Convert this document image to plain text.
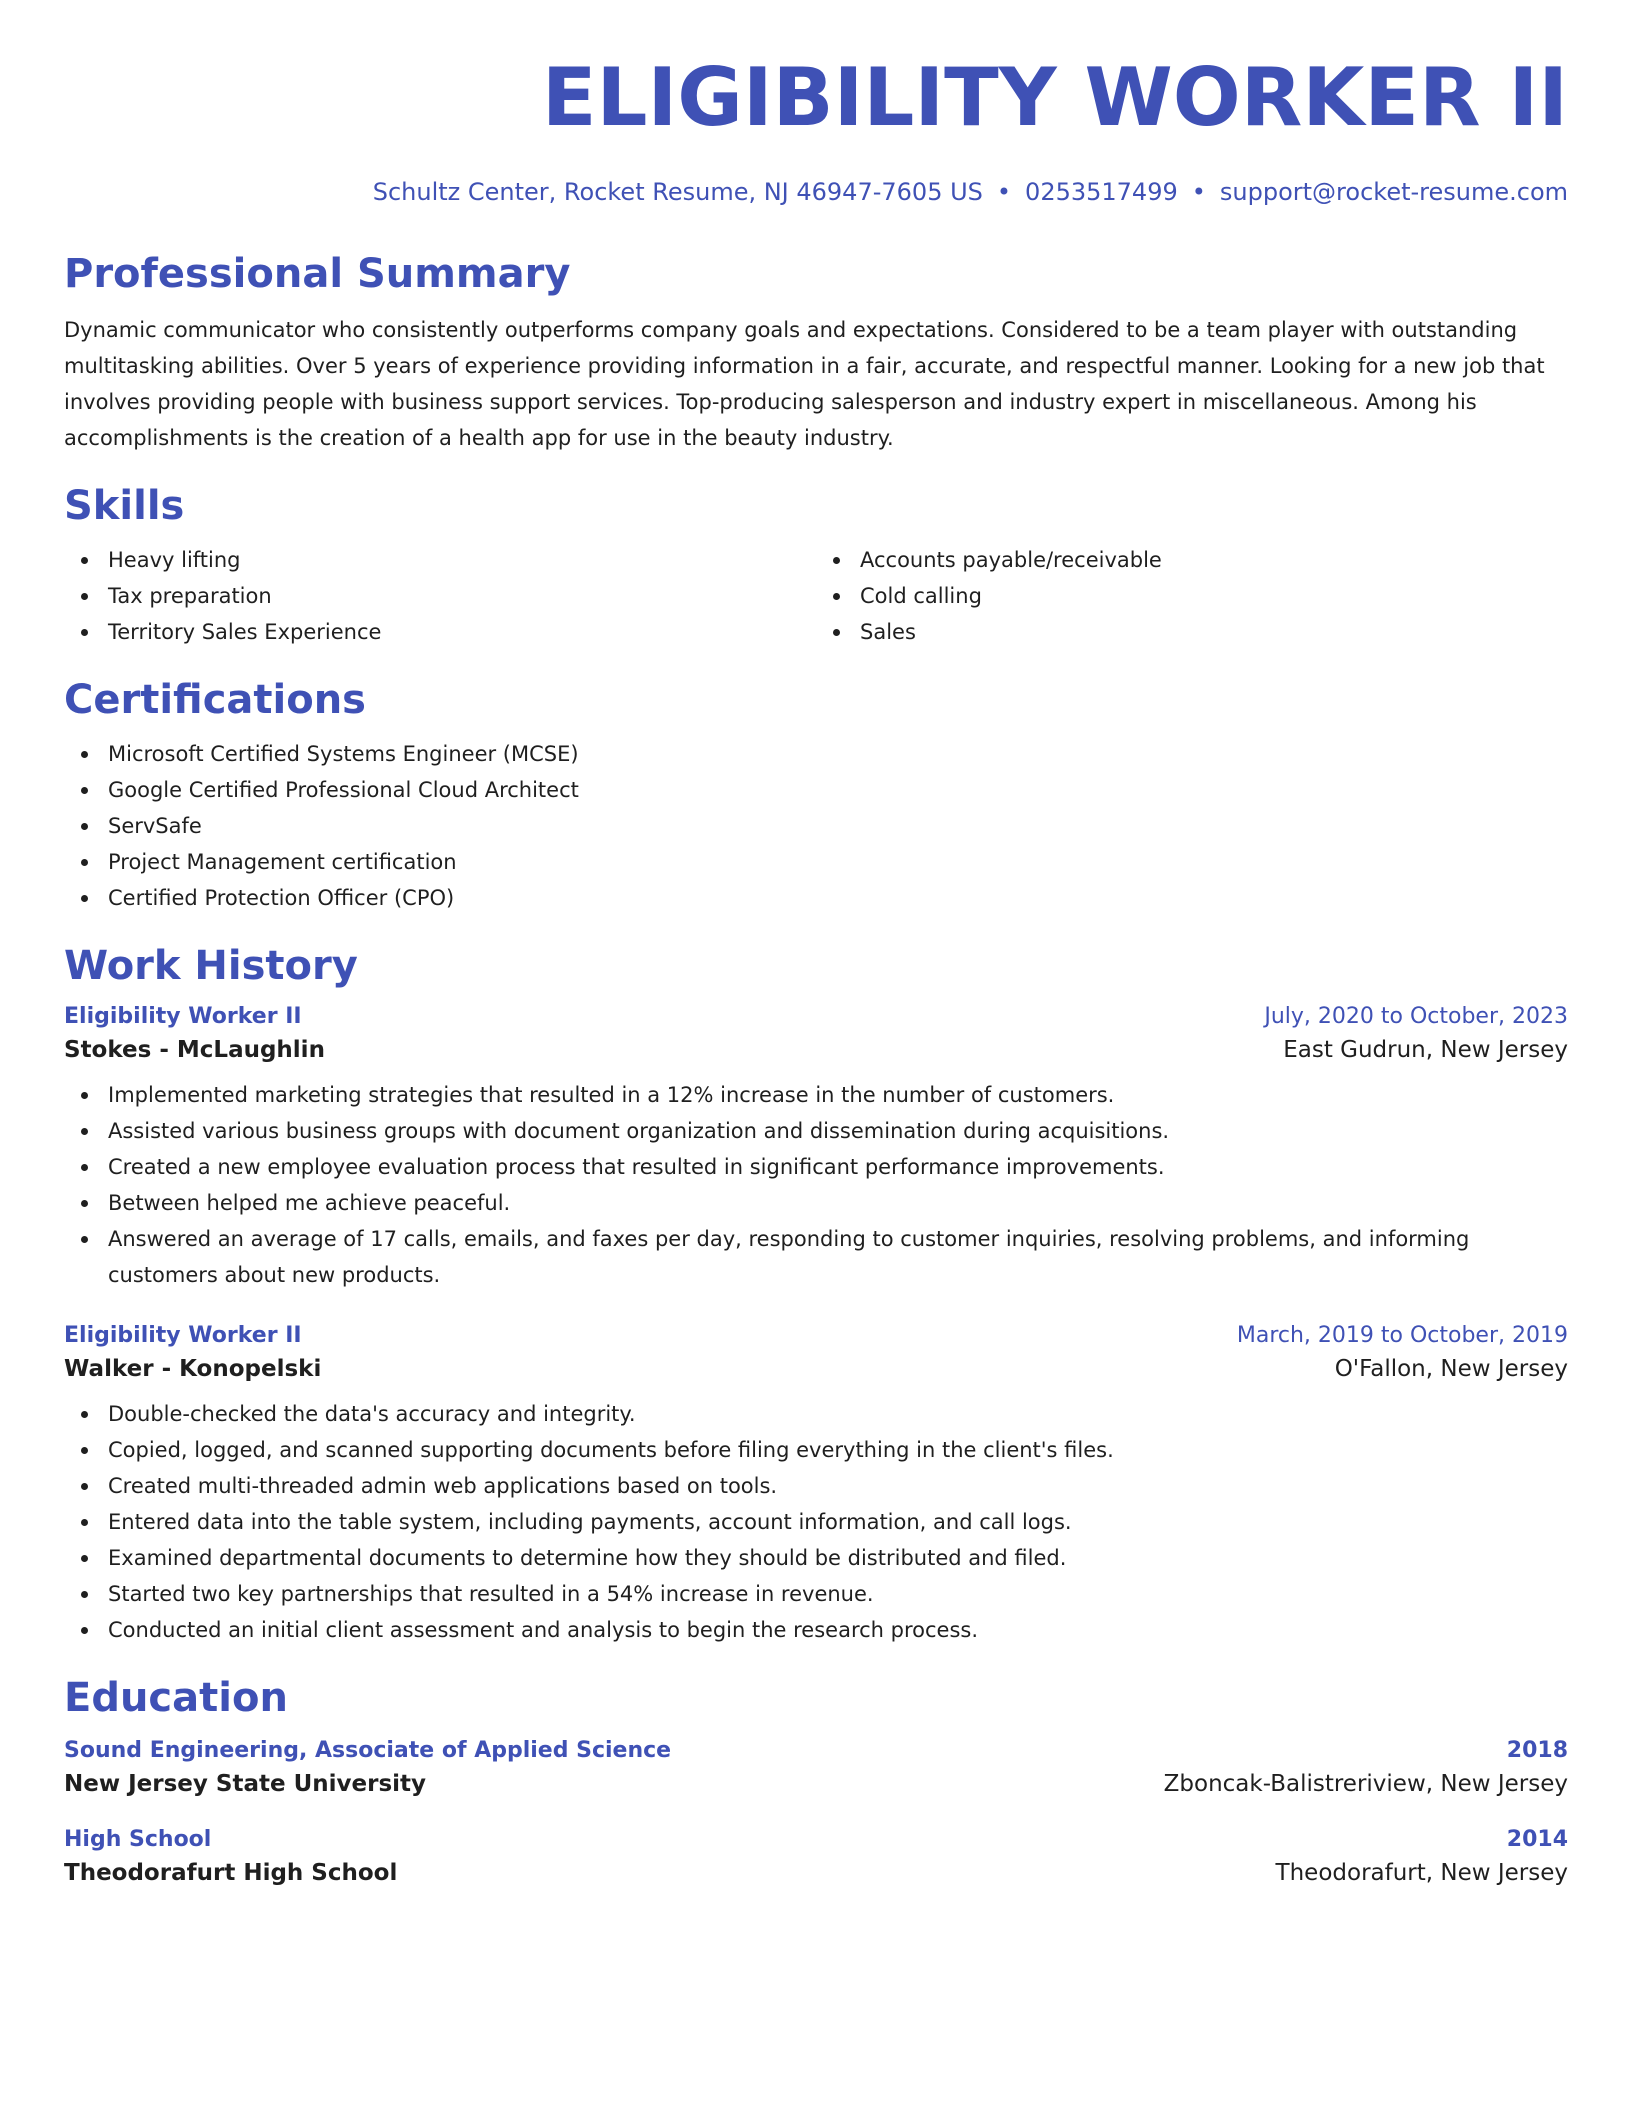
ELIGIBILITY WORKER II
Schultz Center, Rocket Resume, NJ 46947-7605 US • 0253517499 • support@rocket-resume.com
Professional Summary

Dynamic communicator who consistently outperforms company goals and expectations. Considered to be a team player with outstanding multitasking abilities. Over 5 years of experience providing information in a fair, accurate, and respectful manner. Looking for a new job that involves providing people with business support services. Top-producing salesperson and industry expert in miscellaneous. Among his accomplishments is the creation of a health app for use in the beauty industry.

Skills
Heavy lifting
Tax preparation
Territory Sales Experience
Accounts payable/receivable
Cold calling
Sales
Certifications
Microsoft Certified Systems Engineer (MCSE)
Google Certified Professional Cloud Architect
ServSafe
Project Management certification
Certified Protection Officer (CPO)
Work History
Eligibility Worker II	July, 2020 to October, 2023
Stokes - McLaughlin	East Gudrun, New Jersey
Implemented marketing strategies that resulted in a 12% increase in the number of customers.
Assisted various business groups with document organization and dissemination during acquisitions.
Created a new employee evaluation process that resulted in significant performance improvements.
Between helped me achieve peaceful.
Answered an average of 17 calls, emails, and faxes per day, responding to customer inquiries, resolving problems, and informing customers about new products.
Eligibility Worker II	March, 2019 to October, 2019
Walker - Konopelski	O'Fallon, New Jersey
Double-checked the data's accuracy and integrity.
Copied, logged, and scanned supporting documents before filing everything in the client's files.
Created multi-threaded admin web applications based on tools.
Entered data into the table system, including payments, account information, and call logs.
Examined departmental documents to determine how they should be distributed and filed.
Started two key partnerships that resulted in a 54% increase in revenue.
Conducted an initial client assessment and analysis to begin the research process.
Education
Sound Engineering, Associate of Applied Science	2018
New Jersey State University	Zboncak-Balistreriview, New Jersey
High School	2014
Theodorafurt High School	Theodorafurt, New Jersey
